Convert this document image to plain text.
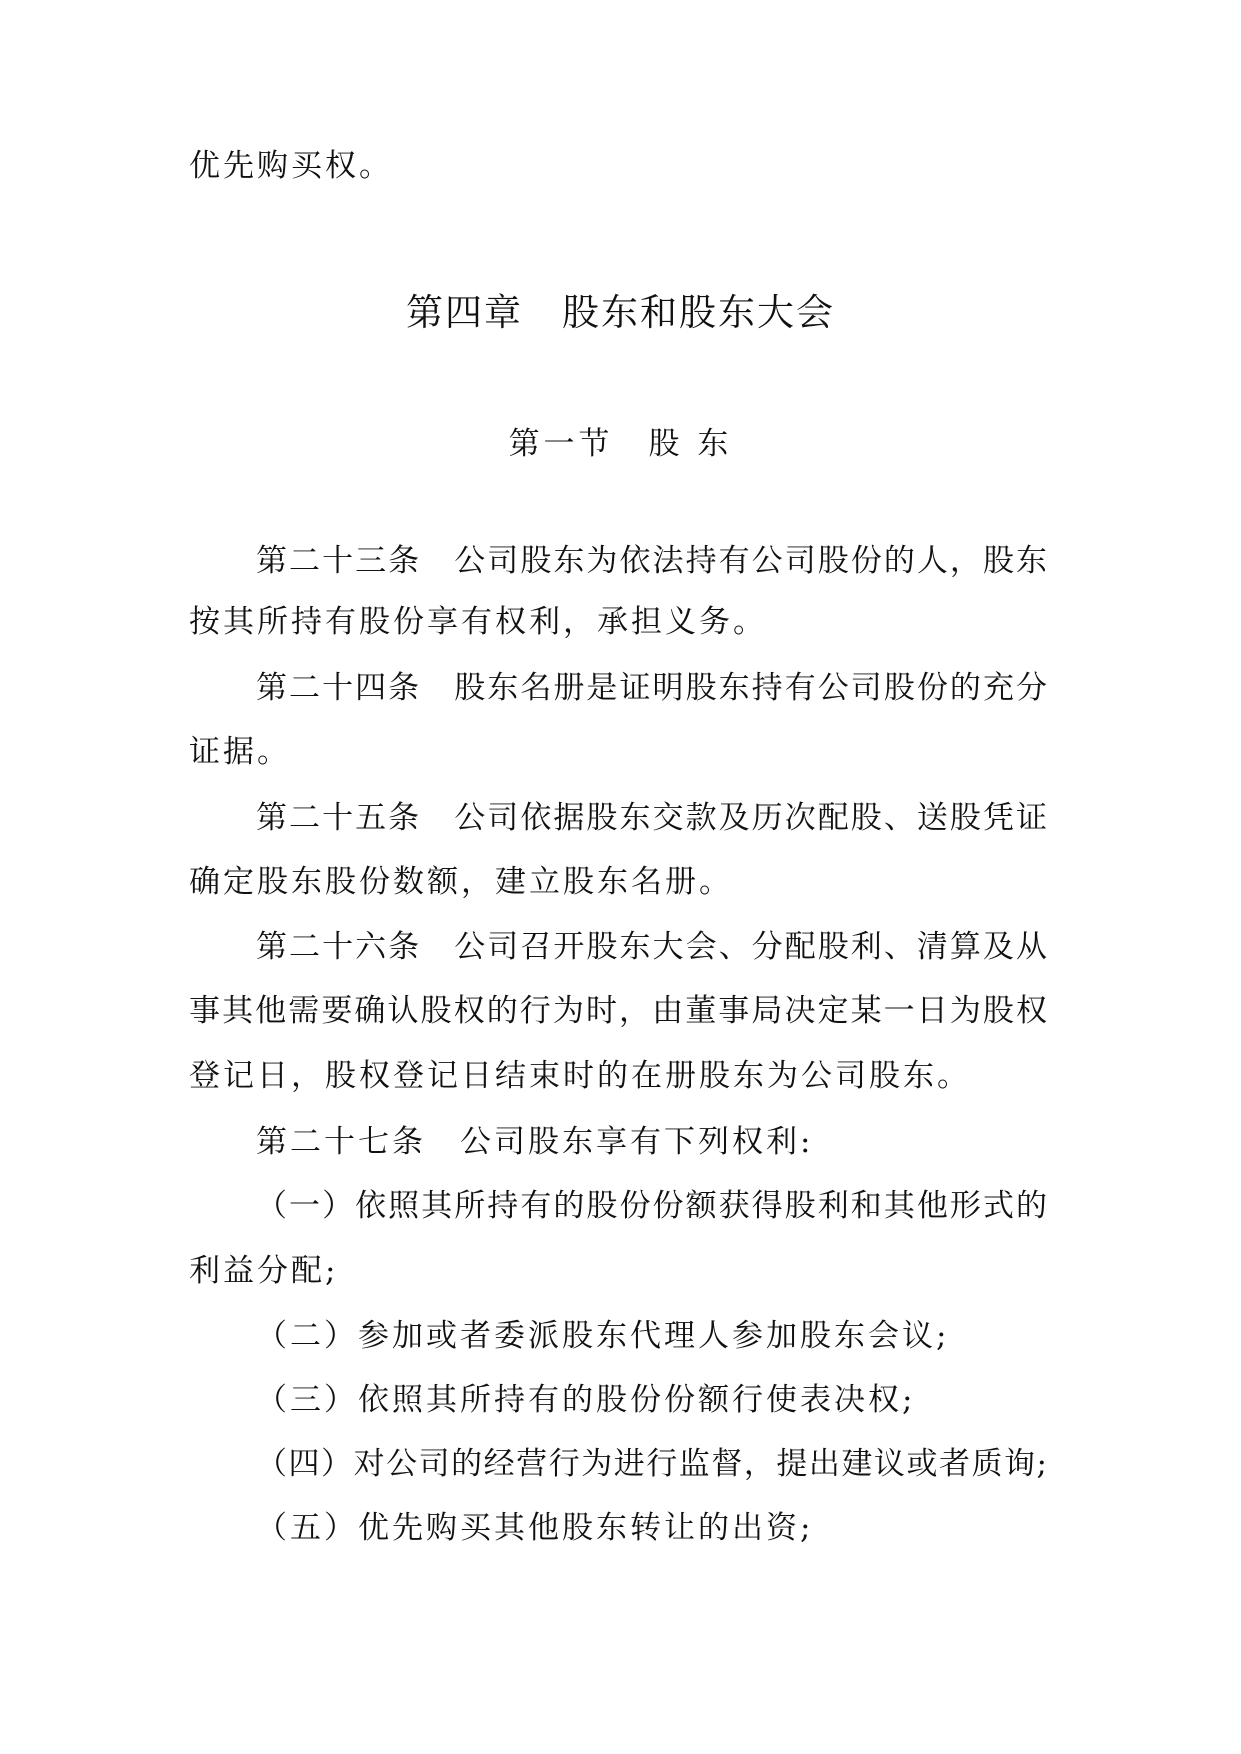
优先购买权。
第四章　股东和股东大会
第一节　股 东
第二十三条　公司股东为依法持有公司股份的人，股东
按其所持有股份享有权利，承担义务。
第二十四条　股东名册是证明股东持有公司股份的充分
证据。
第二十五条　公司依据股东交款及历次配股、送股凭证
确定股东股份数额，建立股东名册。
第二十六条　公司召开股东大会、分配股利、清算及从
事其他需要确认股权的行为时，由董事局决定某一日为股权
登记日，股权登记日结束时的在册股东为公司股东。
第二十七条　公司股东享有下列权利:
（一）依照其所持有的股份份额获得股利和其他形式的
利益分配;
（二）参加或者委派股东代理人参加股东会议;
（三）依照其所持有的股份份额行使表决权;
（四）对公司的经营行为进行监督，提出建议或者质询;
（五）优先购买其他股东转让的出资;
